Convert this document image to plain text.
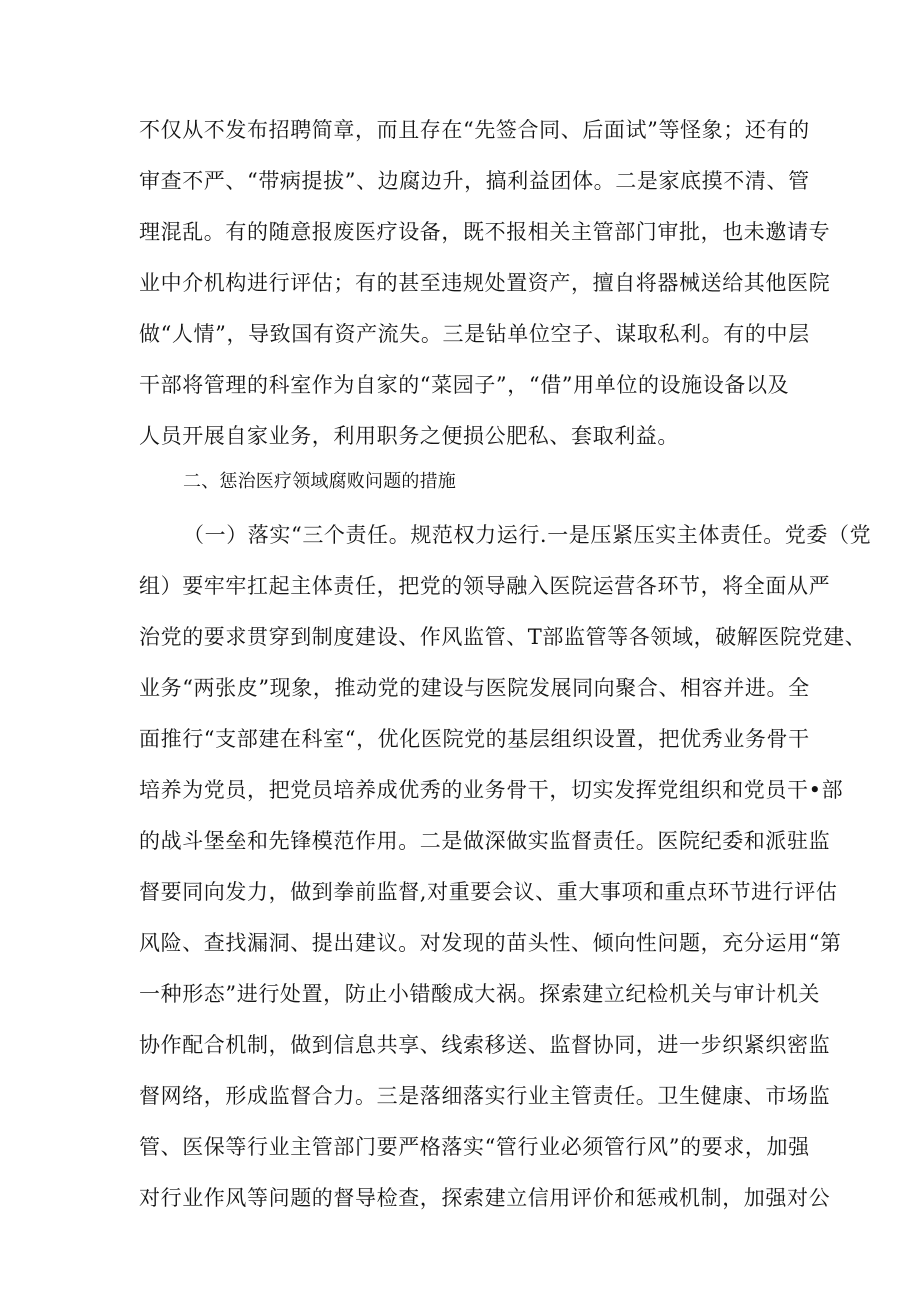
不仅从不发布招聘简章，而且存在“先签合同、后面试”等怪象；还有的
审查不严、“带病提拔”、边腐边升，搞利益团体。二是家底摸不清、管
理混乱。有的随意报废医疗设备，既不报相关主管部门审批，也未邀请专
业中介机构进行评估；有的甚至违规处置资产，擅自将器械送给其他医院
做“人情”，导致国有资产流失。三是钻单位空子、谋取私利。有的中层
干部将管理的科室作为自家的“菜园子”，“借”用单位的设施设备以及
人员开展自家业务，利用职务之便损公肥私、套取利益。
二、惩治医疗领域腐败问题的措施
（一）落实“三个责任。规范权力运行.一是压紧压实主体责任。党委（党
组）要牢牢扛起主体责任，把党的领导融入医院运营各环节，将全面从严
治党的要求贯穿到制度建设、作风监管、T部监管等各领域，破解医院党建、
业务“两张皮”现象，推动党的建设与医院发展同向聚合、相容并进。全
面推行“支部建在科室“，优化医院党的基层组织设置，把优秀业务骨干
培养为党员，把党员培养成优秀的业务骨干，切实发挥党组织和党员干•部
的战斗堡垒和先锋模范作用。二是做深做实监督责任。医院纪委和派驻监
督要同向发力，做到拳前监督,对重要会议、重大事项和重点环节进行评估
风险、查找漏洞、提出建议。对发现的苗头性、倾向性问题，充分运用“第
一种形态”进行处置，防止小错酸成大祸。探索建立纪检机关与审计机关
协作配合机制，做到信息共享、线索移送、监督协同，进一步织紧织密监
督网络，形成监督合力。三是落细落实行业主管责任。卫生健康、市场监
管、医保等行业主管部门要严格落实“管行业必须管行风”的要求，加强
对行业作风等问题的督导检查，探索建立信用评价和惩戒机制，加强对公
